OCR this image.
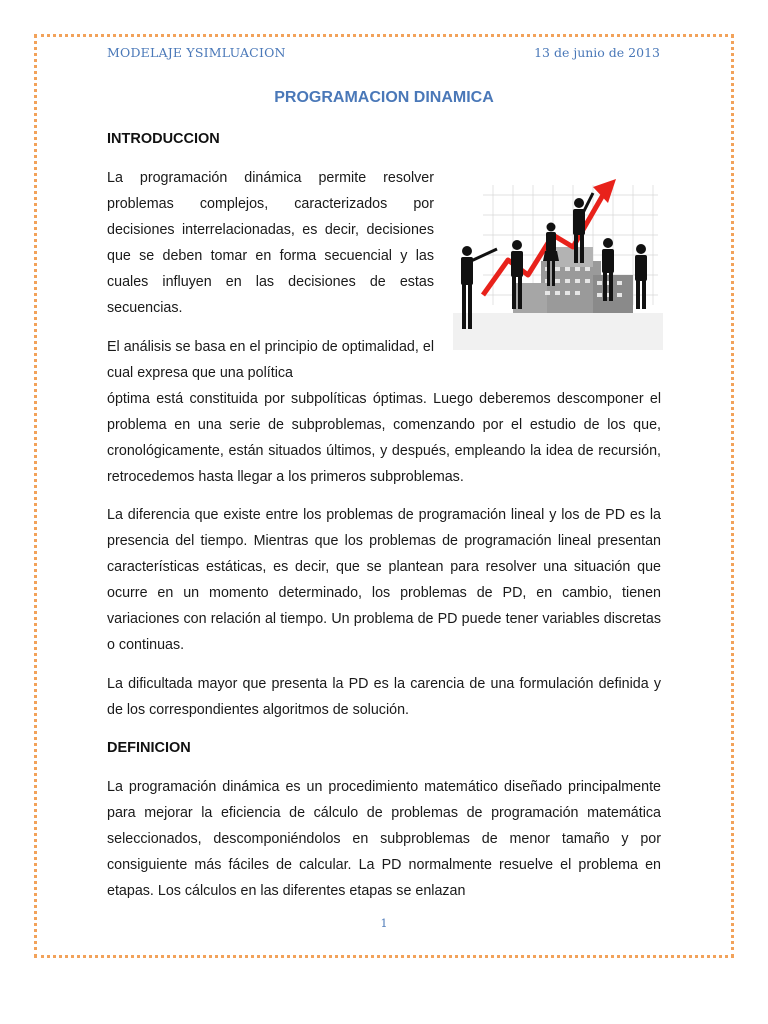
MODELAJE YSIMLUACION	13 de junio de 2013
PROGRAMACION DINAMICA
INTRODUCCION
La programación dinámica permite resolver problemas complejos, caracterizados por decisiones interrelacionadas, es decir, decisiones que se deben tomar en forma secuencial y las cuales influyen en las decisiones de estas secuencias.
El análisis se basa en el principio de optimalidad, el cual expresa que una política
óptima está constituida por subpolíticas óptimas. Luego deberemos descomponer el problema en una serie de subproblemas, comenzando por el estudio de los que, cronológicamente, están situados últimos, y después, empleando la idea de recursión, retrocedemos hasta llegar a los primeros subproblemas.
La diferencia que existe entre los problemas de programación lineal y los de PD es la presencia del tiempo. Mientras que los problemas de programación lineal presentan características estáticas, es decir, que se plantean para resolver una situación que ocurre en un momento determinado, los problemas de PD, en cambio, tienen variaciones con relación al tiempo. Un problema de PD puede tener variables discretas o continuas.
La dificultada mayor que presenta la PD es la carencia de una formulación definida y de los correspondientes algoritmos de solución.
DEFINICION
La programación dinámica es un procedimiento matemático diseñado principalmente para mejorar la eficiencia de cálculo de problemas de programación matemática seleccionados, descomponiéndolos en subproblemas de menor tamaño y por consiguiente más fáciles de calcular. La PD normalmente resuelve el problema en etapas. Los cálculos en las diferentes etapas se enlazan
1
